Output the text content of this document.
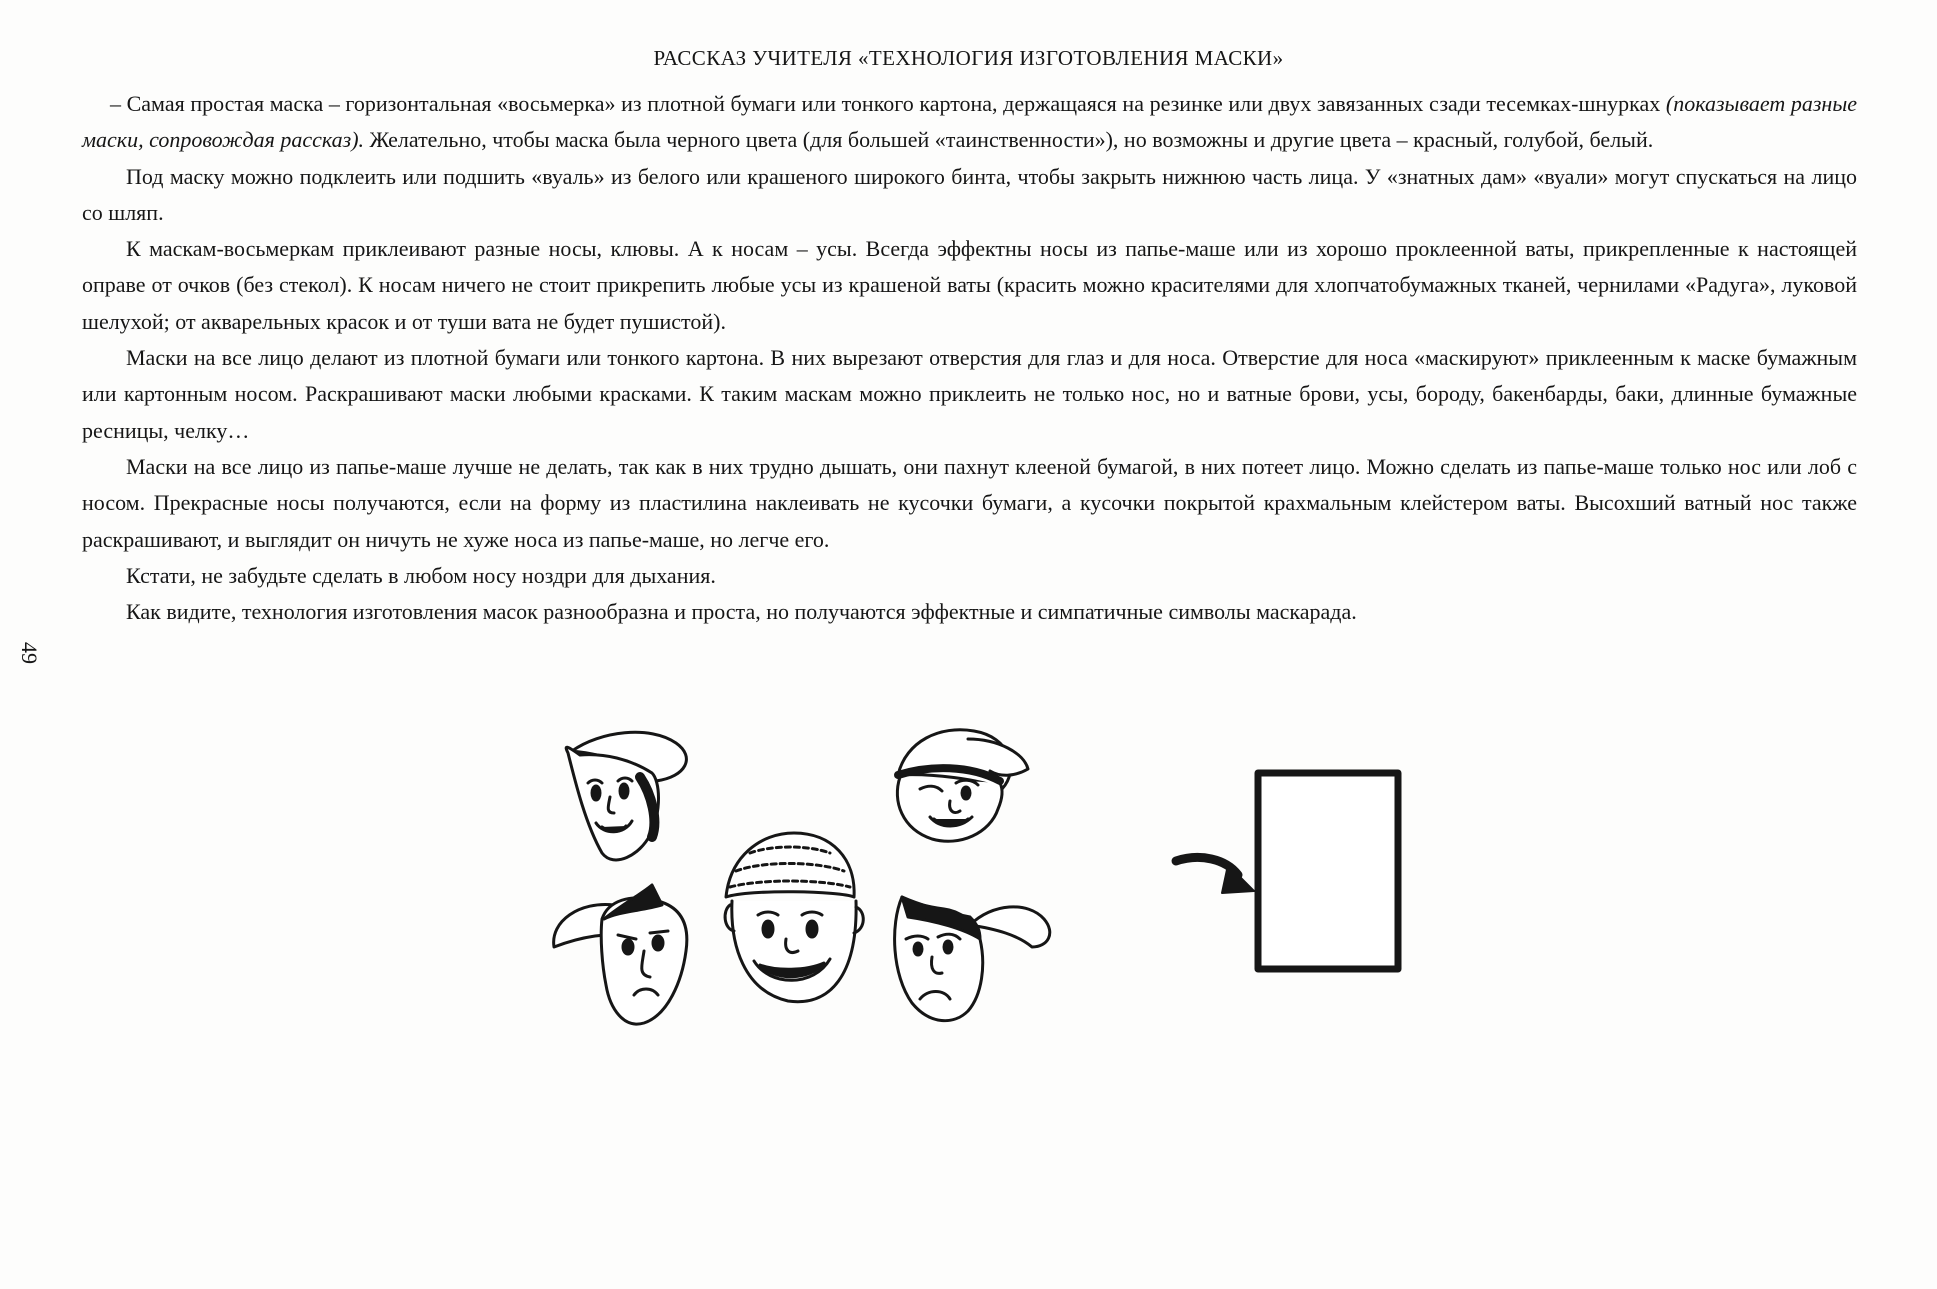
РАССКАЗ УЧИТЕЛЯ «ТЕХНОЛОГИЯ ИЗГОТОВЛЕНИЯ МАСКИ»

– Самая простая маска – горизонтальная «восьмерка» из плотной бумаги или тонкого картона, держащаяся на резинке или двух завязанных сзади тесемках-шнурках (показывает разные маски, сопровождая рассказ). Желательно, чтобы маска была черного цвета (для большей «таинственности»), но возможны и другие цвета – красный, голубой, белый.

Под маску можно подклеить или подшить «вуаль» из белого или крашеного широкого бинта, чтобы закрыть нижнюю часть лица. У «знатных дам» «вуали» могут спускаться на лицо со шляп.

К маскам-восьмеркам приклеивают разные носы, клювы. А к носам – усы. Всегда эффектны носы из папье-маше или из хорошо проклеенной ваты, прикрепленные к настоящей оправе от очков (без стекол). К носам ничего не стоит прикрепить любые усы из крашеной ваты (красить можно красителями для хлопчатобумажных тканей, чернилами «Радуга», луковой шелухой; от акварельных красок и от туши вата не будет пушистой).

Маски на все лицо делают из плотной бумаги или тонкого картона. В них вырезают отверстия для глаз и для носа. Отверстие для носа «маскируют» приклеенным к маске бумажным или картонным носом. Раскрашивают маски любыми красками. К таким маскам можно приклеить не только нос, но и ватные брови, усы, бороду, бакенбарды, баки, длинные бумажные ресницы, челку…

Маски на все лицо из папье-маше лучше не делать, так как в них трудно дышать, они пахнут клееной бумагой, в них потеет лицо. Можно сделать из папье-маше только нос или лоб с носом. Прекрасные носы получаются, если на форму из пластилина наклеивать не кусочки бумаги, а кусочки покрытой крахмальным клейстером ваты. Высохший ватный нос также раскрашивают, и выглядит он ничуть не хуже носа из папье-маше, но легче его.

Кстати, не забудьте сделать в любом носу ноздри для дыхания.

Как видите, технология изготовления масок разнообразна и проста, но получаются эффектные и симпатичные символы маскарада.

49
